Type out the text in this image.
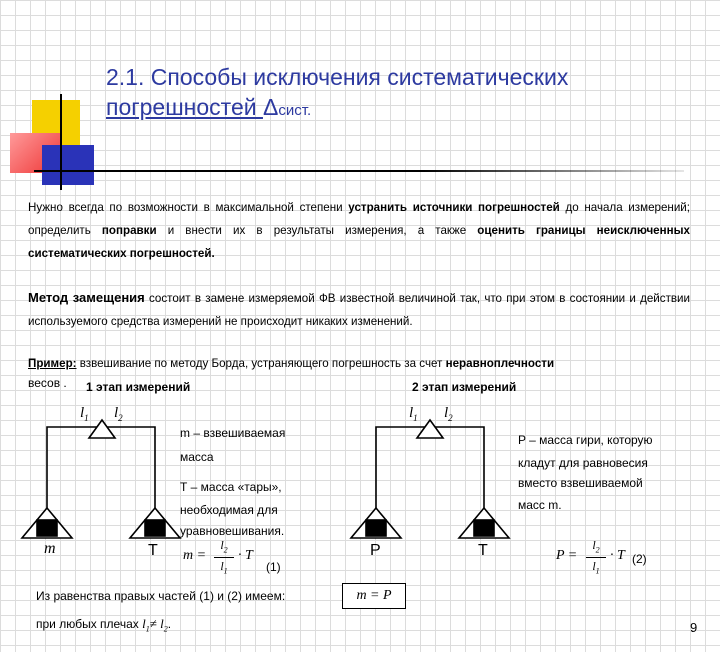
2.1. Способы исключения систематических
погрешностей Δсист.
Нужно всегда по возможности в максимальной степени устранить источники погрешностей до начала измерений; определить поправки и внести их в результаты измерения, а также оценить границы неисключенных систематических погрешностей.
Метод замещения состоит в замене измеряемой ФВ известной величиной так, что при этом в состоянии и действии используемого средства измерений не происходит никаких изменений.
Пример: взвешивание по методу Борда, устраняющего погрешность за счет неравноплечности
весов . 1 этап измерений	2 этап измерений
$l_1$ $l_2$	$l_1$ $l_2$
m	T	P	T
m – взвешиваемая
масса
Т – масса «тары»,
необходимая для
уравновешивания.
P – масса гири, которую
кладут для равновесия
вместо взвешиваемой
масс m.
m =
$l_2$
$l_1$
· T
(1)
P =
$l_2$
$l_1$
· T (2)
Из равенства правых частей (1) и (2) имеем:	m = P
при любых плечах $l_1\ne l_2$.	9
